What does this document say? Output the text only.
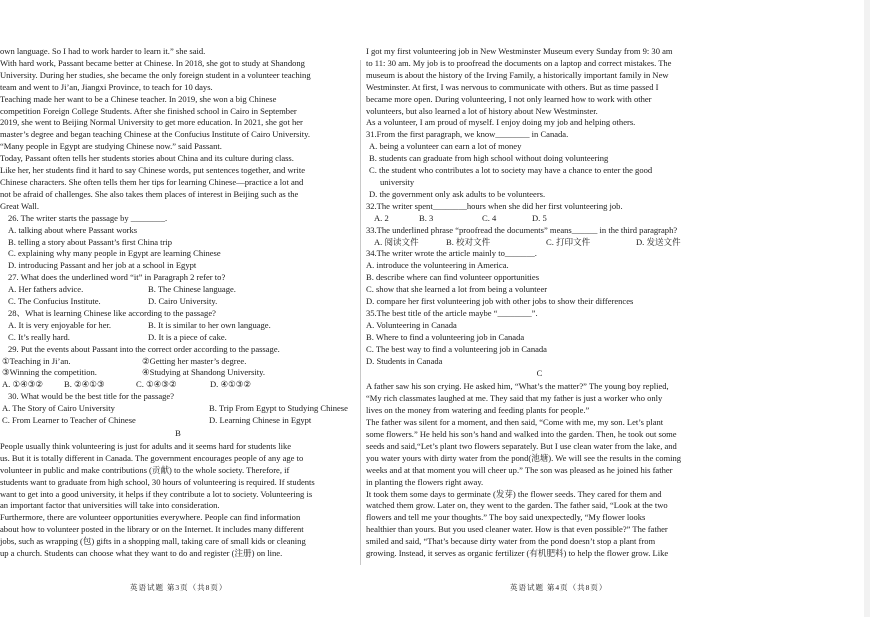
own language. So I had to work harder to learn it.” she said.
With hard work, Passant became better at Chinese. In 2018, she got to study at Shandong
University. During her studies, she became the only foreign student in a volunteer teaching
team and went to Ji’an, Jiangxi Province, to teach for 10 days.
Teaching made her want to be a Chinese teacher. In 2019, she won a big Chinese
competition Foreign College Students. After she finished school in Cairo in September
2019, she went to Beijing Normal University to get more education. In 2021, she got her
master’s degree and began teaching Chinese at the Confucius Institute of Cairo University.
“Many people in Egypt are studying Chinese now.” said Passant.
Today, Passant often tells her students stories about China and its culture during class.
Like her, her students find it hard to say Chinese words, put sentences together, and write
Chinese characters. She often tells them her tips for learning Chinese—practice a lot and
not be afraid of challenges. She also takes them places of interest in Beijing such as the
Great Wall.
26. The writer starts the passage by ________.
A. talking about where Passant works
B. telling a story about Passant’s first China trip
C. explaining why many people in Egypt are learning Chinese
D. introducing Passant and her job at a school in Egypt
27. What does the underlined word “it” in Paragraph 2 refer to?
A. Her fathers advice.	B. The Chinese language.
C. The Confucius Institute.	D. Cairo University.
28、What is learning Chinese like according to the passage?
A. It is very enjoyable for her.	B. It is similar to her own language.
C. It’s really hard.	D. It is a piece of cake.
29. Put the events about Passant into the correct order according to the passage.
①Teaching in Ji’an.	②Getting her master’s degree.
③Winning the competition.	④Studying at Shandong University.
A. ①④③②	B. ②④①③	C. ①④③②	D. ④①③②
30. What would be the best title for the passage?
A. The Story of Cairo University	B. Trip From Egypt to Studying Chinese
C. From Learner to Teacher of Chinese	D. Learning Chinese in Egypt
B
People usually think volunteering is just for adults and it seems hard for students like
us. But it is totally different in Canada. The government encourages people of any age to
volunteer in public and make contributions (贡献) to the whole society. Therefore, if
students want to graduate from high school, 30 hours of volunteering is required. If students
want to get into a good university, it helps if they contribute a lot to society. Volunteering is
an important factor that universities will take into consideration.
Furthermore, there are volunteer opportunities everywhere. People can find information
about how to volunteer posted in the library or on the Internet. It includes many different
jobs, such as wrapping (包) gifts in a shopping mall, taking care of small kids or cleaning
up a church. Students can choose what they want to do and register (注册) on line.
I got my first volunteering job in New Westminster Museum every Sunday from 9: 30 am
to 11: 30 am. My job is to proofread the documents on a laptop and correct mistakes. The
museum is about the history of the Irving Family, a historically important family in New
Westminster. At first, I was nervous to communicate with others. But as time passed I
became more open. During volunteering, I not only learned how to work with other
volunteers, but also learned a lot of history about New Westminster.
As a volunteer, I am proud of myself. I enjoy doing my job and helping others.
31.From the first paragraph, we know________ in Canada.
A. being a volunteer can earn a lot of money
B. students can graduate from high school without doing volunteering
C. the student who contributes a lot to society may have a chance to enter the good
university
D. the government only ask adults to be volunteers.
32.The writer spent________hours when she did her first volunteering job.
A. 2	B. 3	C. 4	D. 5
33.The underlined phrase “proofread the documents” means______ in the third paragraph?
A. 阅读文件	B. 校对文件	C. 打印文件	D. 发送文件
34.The writer wrote the article mainly to_______.
A. introduce the volunteering in America.
B. describe where can find volunteer opportunities
C. show that she learned a lot from being a volunteer
D. compare her first volunteering job with other jobs to show their differences
35.The best title of the article maybe “________”.
A. Volunteering in Canada
B. Where to find a volunteering job in Canada
C. The best way to find a volunteering job in Canada
D. Students in Canada
C
A father saw his son crying. He asked him, “What’s the matter?” The young boy replied,
“My rich classmates laughed at me. They said that my father is just a worker who only
lives on the money from watering and feeding plants for people.”
The father was silent for a moment, and then said, “Come with me, my son. Let’s plant
some flowers.” He held his son’s hand and walked into the garden. Then, he took out some
seeds and said,“Let’s plant two flowers separately. But I use clean water from the lake, and
you water yours with dirty water from the pond(池塘). We will see the results in the coming
weeks and at that moment you will cheer up.” The son was pleased as he joined his father
in planting the flowers right away.
It took them some days to germinate (发芽) the flower seeds. They cared for them and
watched them grow. Later on, they went to the garden. The father said, “Look at the two
flowers and tell me your thoughts.” The boy said unexpectedly, “My flower looks
healthier than yours. But you used cleaner water. How is that even possible?” The father
smiled and said, “That’s because dirty water from the pond doesn’t stop a plant from
growing. Instead, it serves as organic fertilizer (有机肥料) to help the flower grow. Like
英语试题 第3页（共8页）	英语试题 第4页（共8页）
